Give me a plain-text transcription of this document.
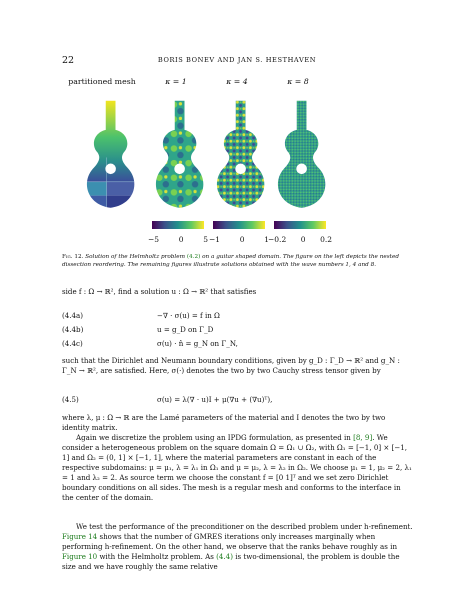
22	BORIS BONEV AND JAN S. HESTHAVEN
partitioned mesh	κ = 1	κ = 4	κ = 8
−5	0	5 −1	0	1 −0.2 0 0.2
Fig. 12. Solution of the Helmholtz problem (4.2) on a guitar shaped domain. The figure on the left depicts the nested dissection reordering. The remaining figures illustrate solutions obtained with the wave numbers 1, 4 and 8.
side f : Ω → ℝ², find a solution u : Ω → ℝ² that satisfies
(4.4a)	−∇ · σ(u) = f in Ω
(4.4b)	u = g_D on Γ_D
(4.4c)	σ(u) · n̂ = g_N on Γ_N,
such that the Dirichlet and Neumann boundary conditions, given by g_D : Γ_D → ℝ² and g_N : Γ_N → ℝ², are satisfied. Here, σ(·) denotes the two by two Cauchy stress tensor given by
(4.5)	σ(u) = λ(∇ · u)I + μ(∇u + (∇u)ᵀ),
where λ, μ : Ω → ℝ are the Lamé parameters of the material and I denotes the two by two identity matrix.
Again we discretize the problem using an IPDG formulation, as presented in [8, 9]. We consider a heterogeneous problem on the square domain Ω = Ω₁ ∪ Ω₂, with Ω₁ = [−1, 0] × [−1, 1] and Ω₂ = (0, 1] × [−1, 1], where the material parameters are constant in each of the respective subdomains: μ = μ₁, λ = λ₁ in Ω₁ and μ = μ₂, λ = λ₂ in Ω₂. We choose μ₁ = 1, μ₂ = 2, λ₁ = 1 and λ₂ = 2. As source term we choose the constant f = [0 1]ᵀ and we set zero Dirichlet boundary conditions on all sides. The mesh is a regular mesh and conforms to the interface in the center of the domain.
We test the performance of the preconditioner on the described problem under h-refinement. Figure 14 shows that the number of GMRES iterations only increases marginally when performing h-refinement. On the other hand, we observe that the ranks behave roughly as in Figure 10 with the Helmholtz problem. As (4.4) is two-dimensional, the problem is double the size and we have roughly the same relative
